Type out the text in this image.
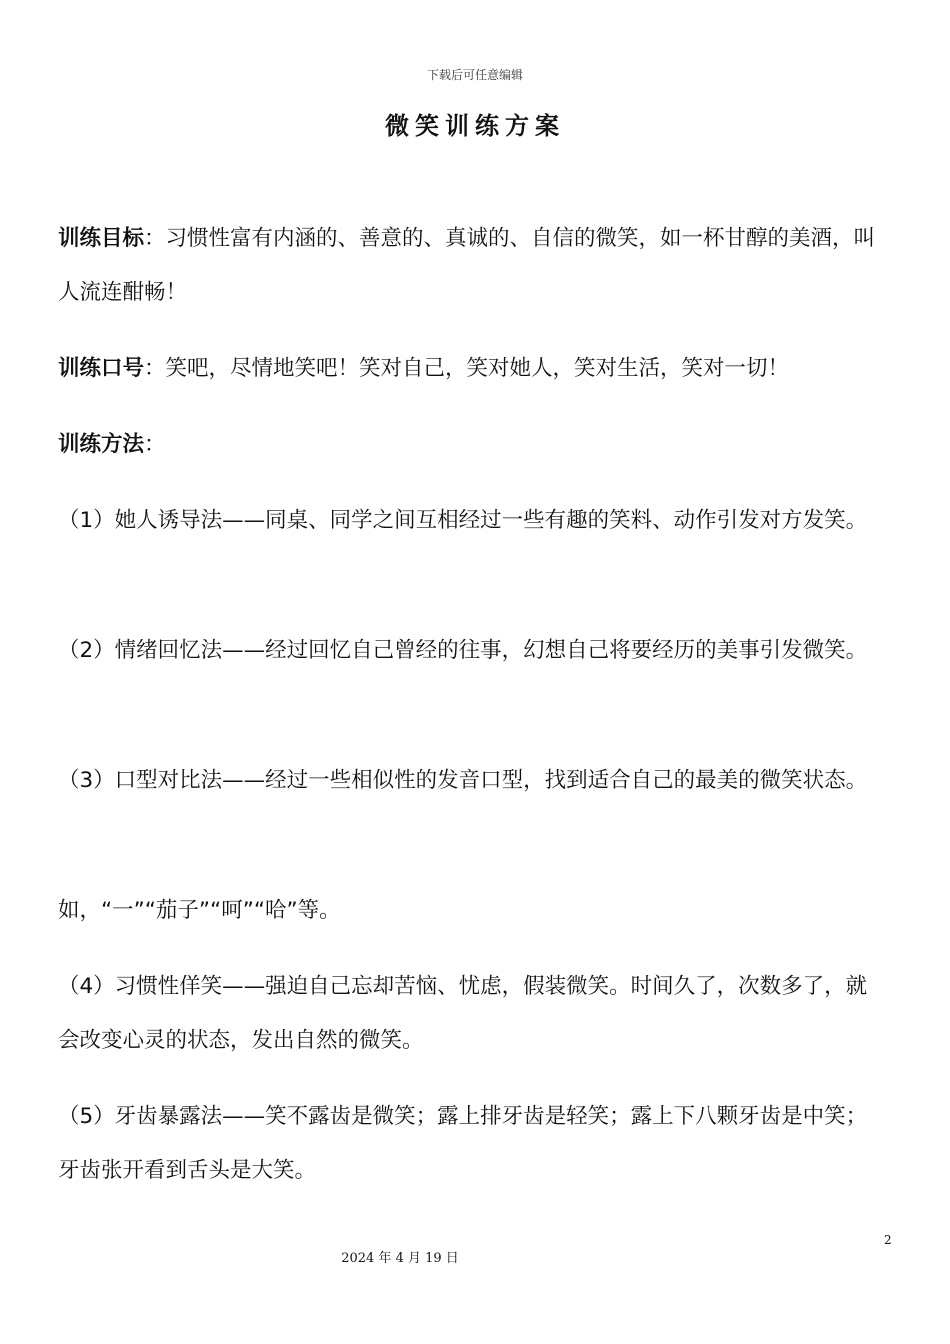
下载后可任意编辑
微笑训练方案

训练目标：习惯性富有内涵的、善意的、真诚的、自信的微笑，如一杯甘醇的美酒，叫人流连酣畅！

训练口号：笑吧，尽情地笑吧！笑对自己，笑对她人，笑对生活，笑对一切！

训练方法：

（1）她人诱导法——同桌、同学之间互相经过一些有趣的笑料、动作引发对方发笑。

（2）情绪回忆法——经过回忆自己曾经的往事，幻想自己将要经历的美事引发微笑。

（3）口型对比法——经过一些相似性的发音口型，找到适合自己的最美的微笑状态。

如，“一”“茄子”“呵”“哈”等。

（4）习惯性佯笑——强迫自己忘却苦恼、忧虑，假装微笑。时间久了，次数多了，就会改变心灵的状态，发出自然的微笑。

（5）牙齿暴露法——笑不露齿是微笑；露上排牙齿是轻笑；露上下八颗牙齿是中笑；牙齿张开看到舌头是大笑。

2
2024 年 4 月 19 日
